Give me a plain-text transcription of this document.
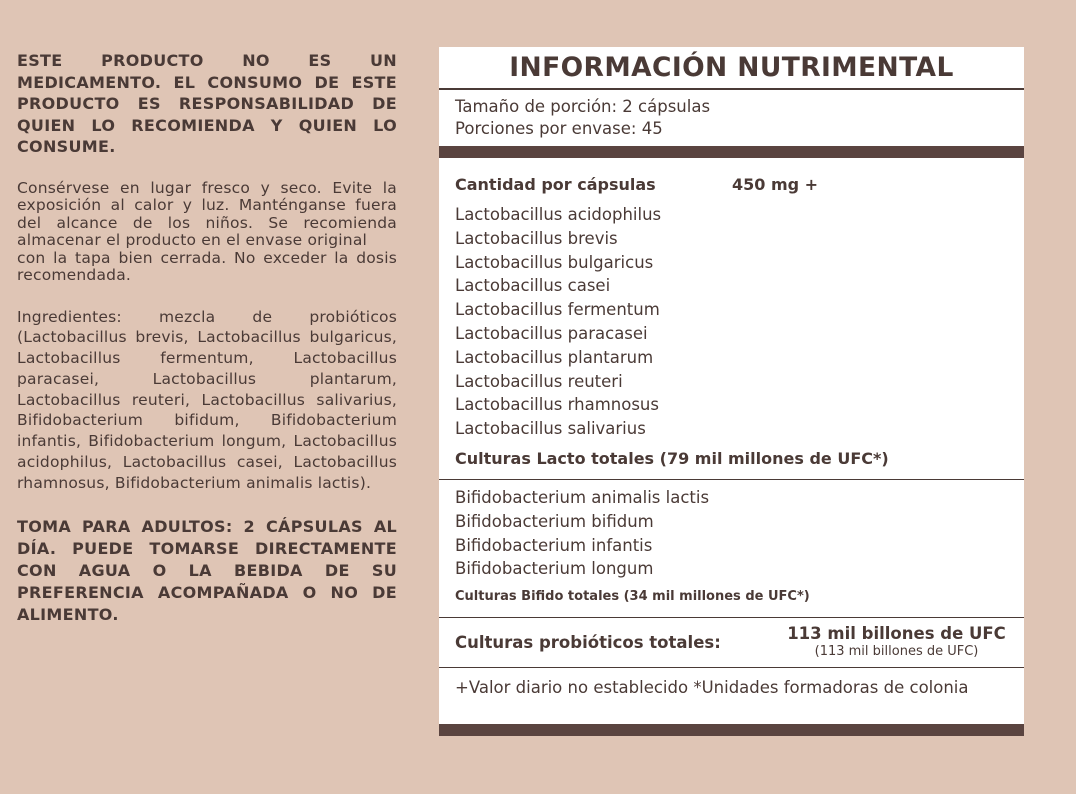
ESTE PRODUCTO NO ES UN MEDICAMENTO. EL CONSUMO DE ESTE PRODUCTO ES RESPONSABILIDAD DE QUIEN LO RECOMIENDA Y QUIEN LO CONSUME.

Consérvese en lugar fresco y seco. Evite la exposición al calor y luz. Manténganse fuera del alcance de los niños. Se recomienda almacenar el producto en el envase original
con la tapa bien cerrada. No exceder la dosis recomendada.

Ingredientes: mezcla de probióticos (Lactobacillus brevis, Lactobacillus bulgaricus, Lactobacillus fermentum, Lactobacillus paracasei, Lactobacillus plantarum, Lactobacillus reuteri, Lactobacillus salivarius, Bifidobacterium bifidum, Bifidobacterium infantis, Bifidobacterium longum, Lactobacillus acidophilus, Lactobacillus casei, Lactobacillus rhamnosus, Bifidobacterium animalis lactis).

TOMA PARA ADULTOS: 2 CÁPSULAS AL DÍA. PUEDE TOMARSE DIRECTAMENTE CON AGUA O LA BEBIDA DE SU PREFERENCIA ACOMPAÑADA O NO DE ALIMENTO.

INFORMACIÓN NUTRIMENTAL
Tamaño de porción: 2 cápsulas
Porciones por envase: 45
Cantidad por cápsulas	450 mg +
Lactobacillus acidophilus
Lactobacillus brevis
Lactobacillus bulgaricus
Lactobacillus casei
Lactobacillus fermentum
Lactobacillus paracasei
Lactobacillus plantarum
Lactobacillus reuteri
Lactobacillus rhamnosus
Lactobacillus salivarius
Culturas Lacto totales (79 mil millones de UFC*)
Bifidobacterium animalis lactis
Bifidobacterium bifidum
Bifidobacterium infantis
Bifidobacterium longum
Culturas Bifido totales (34 mil millones de UFC*)
Culturas probióticos totales:	113 mil billones de UFC
(113 mil billones de UFC)
+Valor diario no establecido *Unidades formadoras de colonia
